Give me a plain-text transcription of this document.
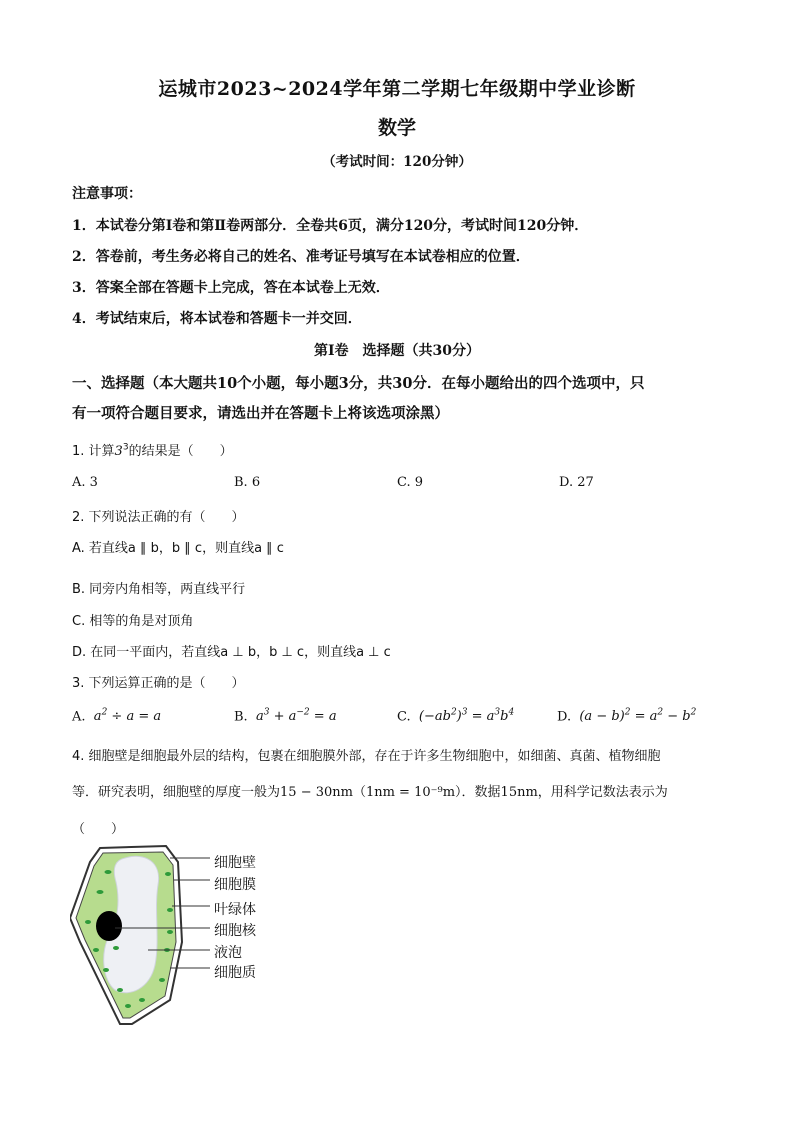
运城市2023~2024学年第二学期七年级期中学业诊断
数学
（考试时间：120分钟）
注意事项：
1．本试卷分第Ⅰ卷和第Ⅱ卷两部分．全卷共6页，满分120分，考试时间120分钟．
2．答卷前，考生务必将自己的姓名、准考证号填写在本试卷相应的位置．
3．答案全部在答题卡上完成，答在本试卷上无效．
4．考试结束后，将本试卷和答题卡一并交回．
第Ⅰ卷　选择题（共30分）
一、选择题（本大题共10个小题，每小题3分，共30分．在每小题给出的四个选项中，只
有一项符合题目要求，请选出并在答题卡上将该选项涂黑）
1. 计算$3^3$的结果是（　　）
A. 3	B. 6	C. 9	D. 27
2. 下列说法正确的有（　　）
A. 若直线a ∥ b，b ∥ c，则直线a ∥ c
B. 同旁内角相等，两直线平行
C. 相等的角是对顶角
D. 在同一平面内，若直线a ⊥ b，b ⊥ c，则直线a ⊥ c
3. 下列运算正确的是（　　）
A. $a^2 \div a = a$	B. $a^3 + a^{-2} = a$	C. $(-ab^2)^3 = a^3b^4$	D. $(a - b)^2 = a^2 - b^2$
4. 细胞壁是细胞最外层的结构，包裹在细胞膜外部，存在于许多生物细胞中，如细菌、真菌、植物细胞
等．研究表明，细胞壁的厚度一般为15 − 30nm（1nm = 10⁻⁹m）．数据15nm，用科学记数法表示为
（　　）
细胞壁
细胞膜
叶绿体
细胞核
液泡
细胞质
